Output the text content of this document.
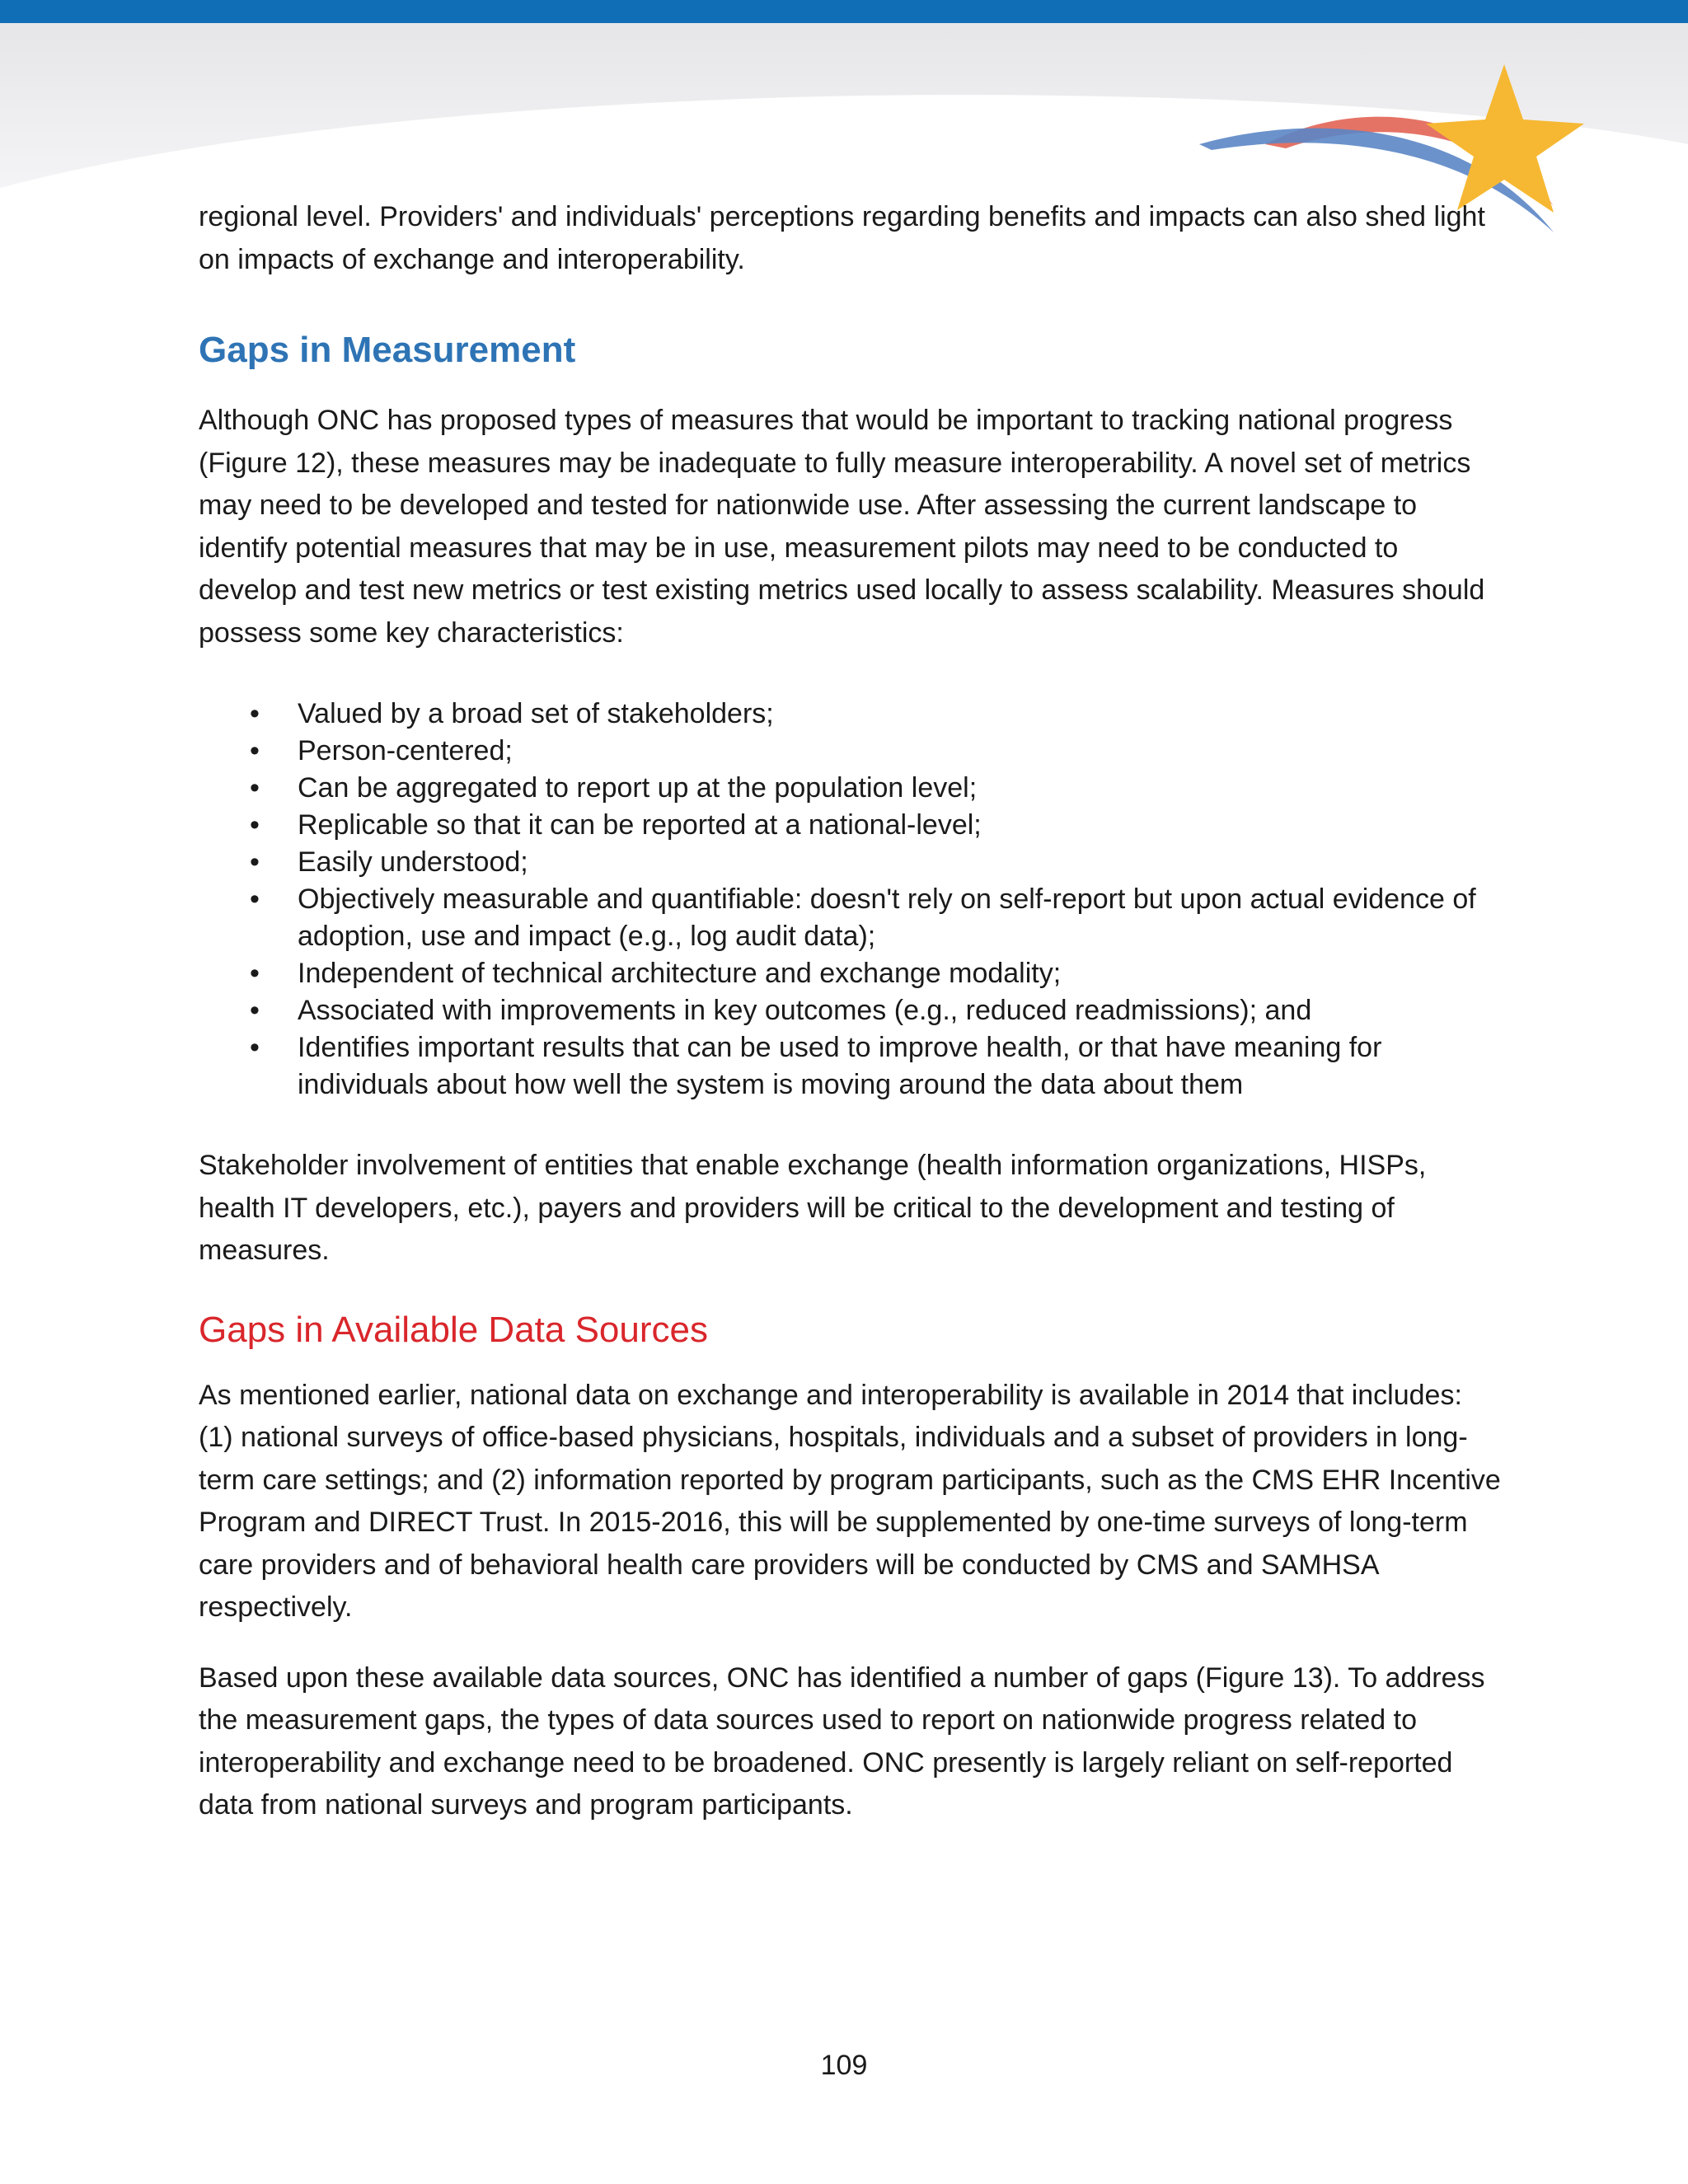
regional level. Providers' and individuals' perceptions regarding benefits and impacts can also shed light on impacts of exchange and interoperability.

Gaps in Measurement

Although ONC has proposed types of measures that would be important to tracking national progress (Figure 12), these measures may be inadequate to fully measure interoperability. A novel set of metrics may need to be developed and tested for nationwide use. After assessing the current landscape to identify potential measures that may be in use, measurement pilots may need to be conducted to develop and test new metrics or test existing metrics used locally to assess scalability. Measures should possess some key characteristics:

• Valued by a broad set of stakeholders;
• Person-centered;
• Can be aggregated to report up at the population level;
• Replicable so that it can be reported at a national-level;
• Easily understood;
• Objectively measurable and quantifiable: doesn't rely on self-report but upon actual evidence of adoption, use and impact (e.g., log audit data);
• Independent of technical architecture and exchange modality;
• Associated with improvements in key outcomes (e.g., reduced readmissions); and
• Identifies important results that can be used to improve health, or that have meaning for individuals about how well the system is moving around the data about them

Stakeholder involvement of entities that enable exchange (health information organizations, HISPs, health IT developers, etc.), payers and providers will be critical to the development and testing of measures.

Gaps in Available Data Sources

As mentioned earlier, national data on exchange and interoperability is available in 2014 that includes: (1) national surveys of office-based physicians, hospitals, individuals and a subset of providers in long-term care settings; and (2) information reported by program participants, such as the CMS EHR Incentive Program and DIRECT Trust. In 2015-2016, this will be supplemented by one-time surveys of long-term care providers and of behavioral health care providers will be conducted by CMS and SAMHSA respectively.

Based upon these available data sources, ONC has identified a number of gaps (Figure 13). To address the measurement gaps, the types of data sources used to report on nationwide progress related to interoperability and exchange need to be broadened. ONC presently is largely reliant on self-reported data from national surveys and program participants.

109
